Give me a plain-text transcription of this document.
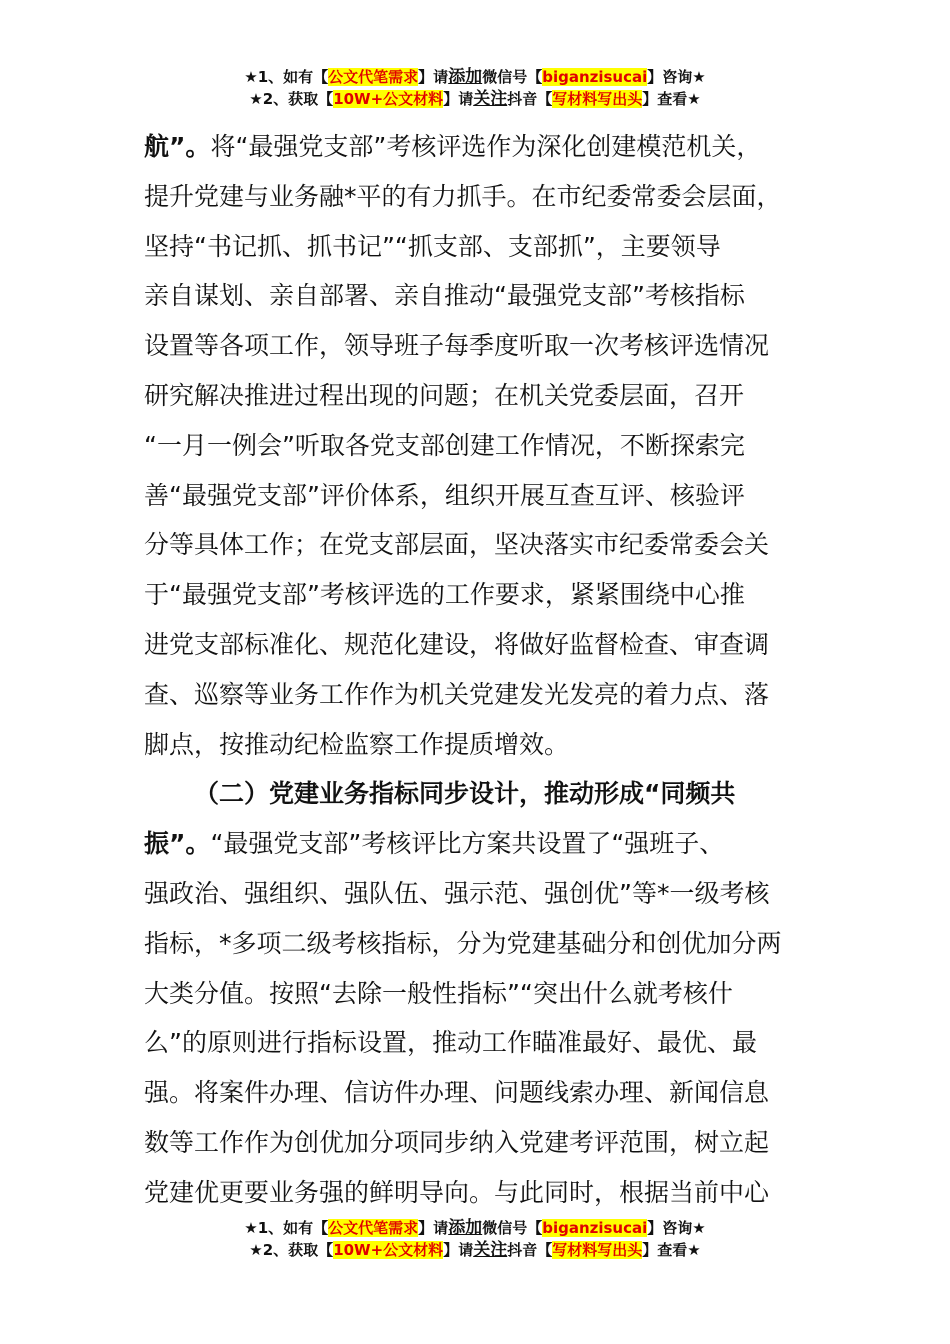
★1、如有【公文代笔需求】请添加微信号【biganzisucai】咨询★
★2、获取【10W+公文材料】请关注抖音【写材料写出头】查看★
航”。将“最强党支部”考核评选作为深化创建模范机关，
提升党建与业务融*平的有力抓手。在市纪委常委会层面，
坚持“书记抓、抓书记”“抓支部、支部抓”，主要领导
亲自谋划、亲自部署、亲自推动“最强党支部”考核指标
设置等各项工作，领导班子每季度听取一次考核评选情况
研究解决推进过程出现的问题；在机关党委层面，召开
“一月一例会”听取各党支部创建工作情况，不断探索完
善“最强党支部”评价体系，组织开展互查互评、核验评
分等具体工作；在党支部层面，坚决落实市纪委常委会关
于“最强党支部”考核评选的工作要求，紧紧围绕中心推
进党支部标准化、规范化建设，将做好监督检查、审查调
查、巡察等业务工作作为机关党建发光发亮的着力点、落
脚点，按推动纪检监察工作提质增效。
（二）党建业务指标同步设计，推动形成“同频共
振”。“最强党支部”考核评比方案共设置了“强班子、
强政治、强组织、强队伍、强示范、强创优”等*一级考核
指标，*多项二级考核指标，分为党建基础分和创优加分两
大类分值。按照“去除一般性指标”“突出什么就考核什
么”的原则进行指标设置，推动工作瞄准最好、最优、最
强。将案件办理、信访件办理、问题线索办理、新闻信息
数等工作作为创优加分项同步纳入党建考评范围，树立起
党建优更要业务强的鲜明导向。与此同时，根据当前中心
★1、如有【公文代笔需求】请添加微信号【biganzisucai】咨询★
★2、获取【10W+公文材料】请关注抖音【写材料写出头】查看★
